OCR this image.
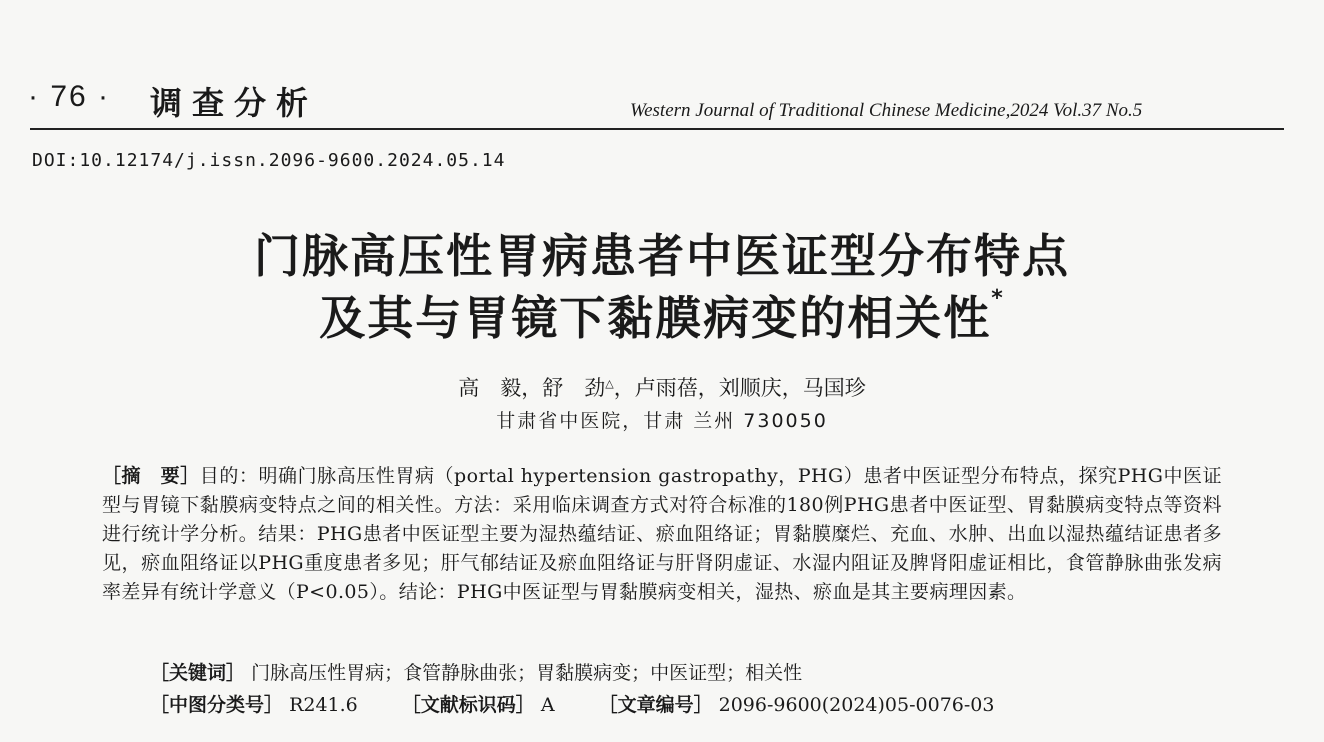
· 76 · 调查分析	Western Journal of Traditional Chinese Medicine,2024 Vol.37 No.5
DOI:10.12174/j.issn.2096-9600.2024.05.14
门脉高压性胃病患者中医证型分布特点
及其与胃镜下黏膜病变的相关性*
高　毅，舒　劲△，卢雨蓓，刘顺庆，马国珍
甘肃省中医院，甘肃 兰州 730050

［摘　要］目的：明确门脉高压性胃病（portal hypertension gastropathy，PHG）患者中医证型分布特点，探究PHG中医证型与胃镜下黏膜病变特点之间的相关性。方法：采用临床调查方式对符合标准的180例PHG患者中医证型、胃黏膜病变特点等资料进行统计学分析。结果：PHG患者中医证型主要为湿热蕴结证、瘀血阻络证；胃黏膜糜烂、充血、水肿、出血以湿热蕴结证患者多见，瘀血阻络证以PHG重度患者多见；肝气郁结证及瘀血阻络证与肝肾阴虚证、水湿内阻证及脾肾阳虚证相比，食管静脉曲张发病率差异有统计学意义（P<0.05）。结论：PHG中医证型与胃黏膜病变相关，湿热、瘀血是其主要病理因素。

［关键词］ 门脉高压性胃病；食管静脉曲张；胃黏膜病变；中医证型；相关性
［中图分类号］ R241.6 ［文献标识码］ A ［文章编号］ 2096-9600(2024)05-0076-03
